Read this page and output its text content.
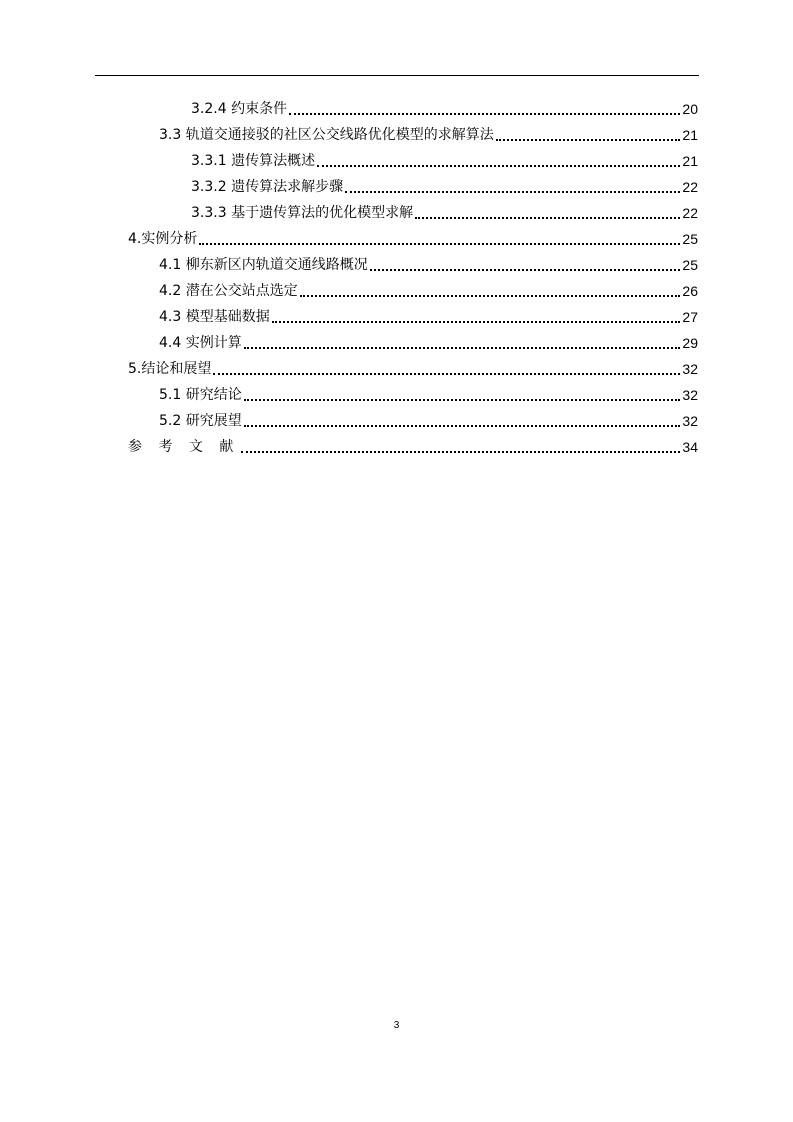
3.2.4 约束条件	20
3.3 轨道交通接驳的社区公交线路优化模型的求解算法	21
3.3.1 遗传算法概述	21
3.3.2 遗传算法求解步骤	22
3.3.3 基于遗传算法的优化模型求解	22
4.实例分析	25
4.1 柳东新区内轨道交通线路概况	25
4.2 潜在公交站点选定	26
4.3 模型基础数据	27
4.4 实例计算	29
5.结论和展望	32
5.1 研究结论	32
5.2 研究展望	32
参 考 文 献	34
3
